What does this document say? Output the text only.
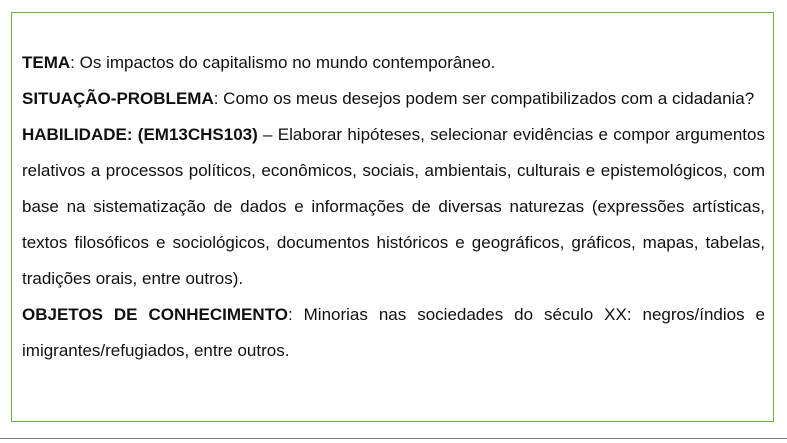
TEMA: Os impactos do capitalismo no mundo contemporâneo.

SITUAÇÃO-PROBLEMA: Como os meus desejos podem ser compatibilizados com a cidadania?

HABILIDADE: (EM13CHS103) – Elaborar hipóteses, selecionar evidências e compor argumentos relativos a processos políticos, econômicos, sociais, ambientais, culturais e epistemológicos, com base na sistematização de dados e informações de diversas naturezas (expressões artísticas, textos filosóficos e sociológicos, documentos históricos e geográficos, gráficos, mapas, tabelas, tradições orais, entre outros).

OBJETOS DE CONHECIMENTO: Minorias nas sociedades do século XX: negros/índios e imigrantes/refugiados, entre outros.
